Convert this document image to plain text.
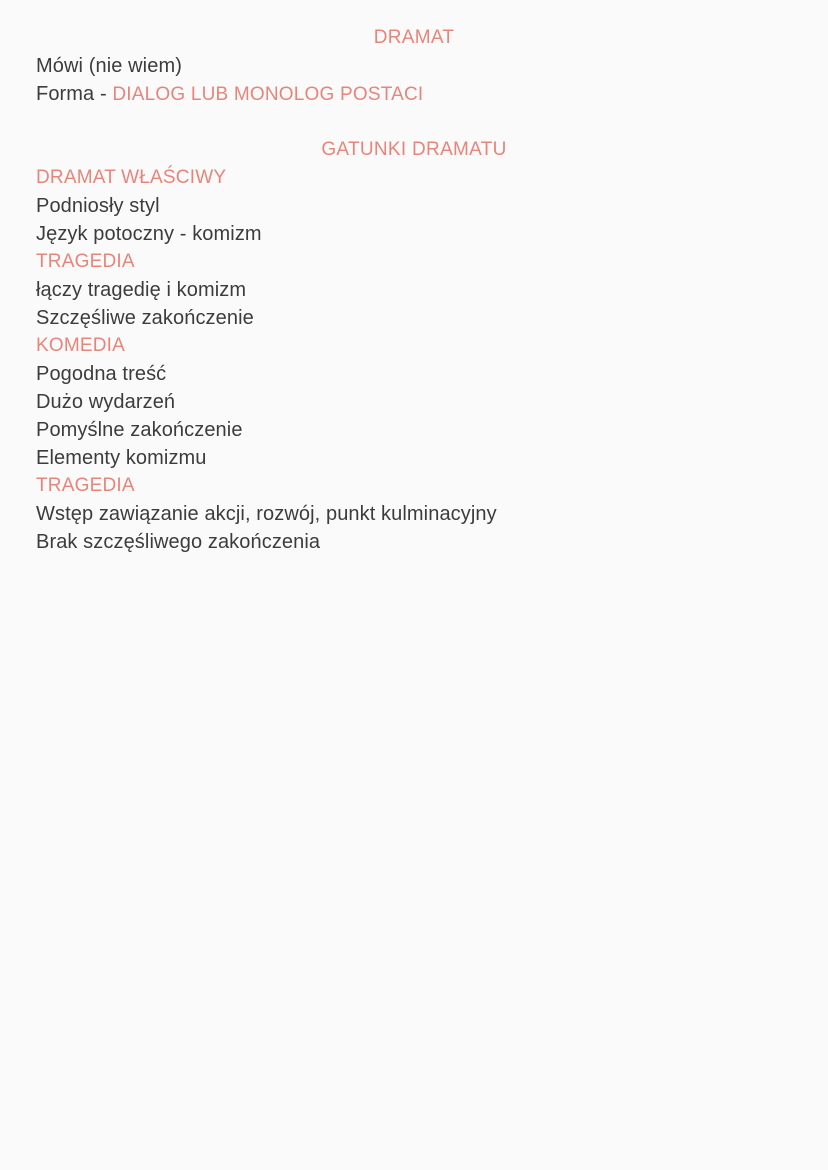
DRAMAT
Mówi (nie wiem)
Forma - DIALOG LUB MONOLOG POSTACI
GATUNKI DRAMATU
DRAMAT WŁAŚCIWY
Podniosły styl
Język potoczny - komizm
TRAGEDIA
łączy tragedię i komizm
Szczęśliwe zakończenie
KOMEDIA
Pogodna treść
Dużo wydarzeń
Pomyślne zakończenie
Elementy komizmu
TRAGEDIA
Wstęp zawiązanie akcji, rozwój, punkt kulminacyjny
Brak szczęśliwego zakończenia
